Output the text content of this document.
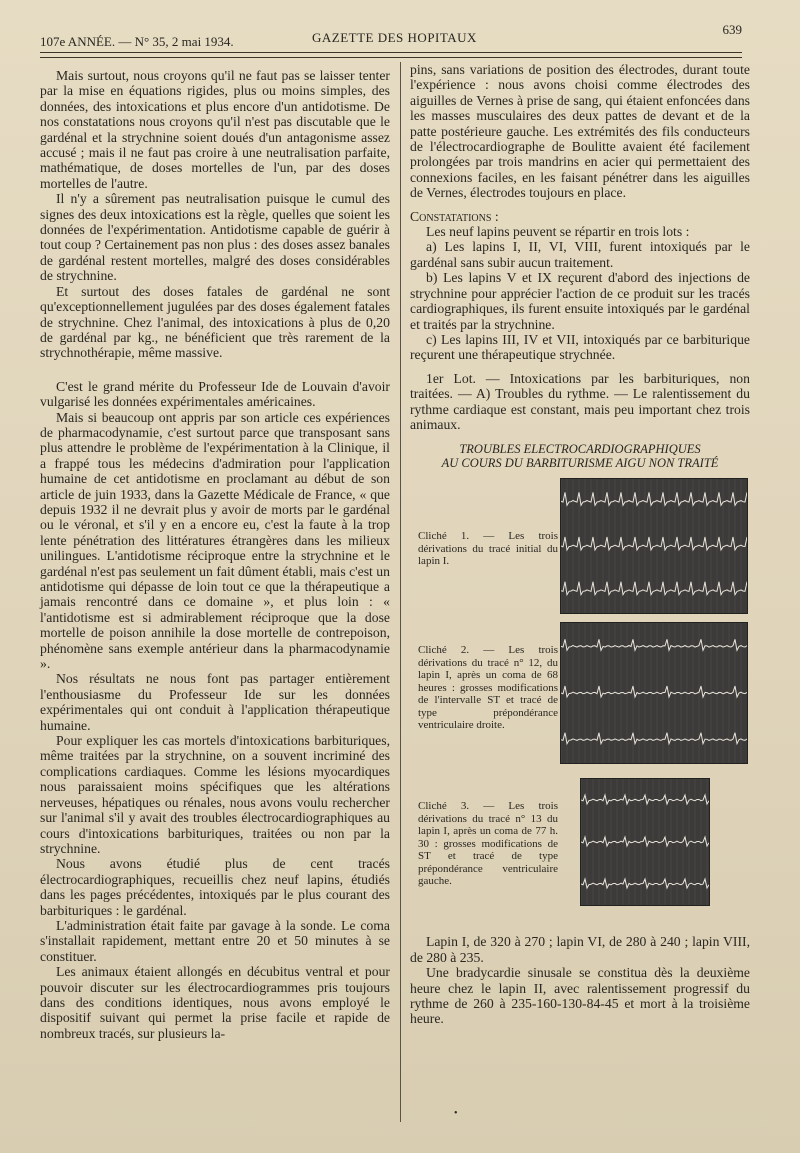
107e ANNÉE. — N° 35, 2 mai 1934.	GAZETTE DES HOPITAUX
639

Mais surtout, nous croyons qu'il ne faut pas se laisser tenter par la mise en équations rigides, plus ou moins simples, des données, des intoxications et plus encore d'un antidotisme. De nos constatations nous croyons qu'il n'est pas discutable que le gardénal et la strychnine soient doués d'un antagonisme assez accusé ; mais il ne faut pas croire à une neutralisation parfaite, mathématique, de doses mortelles de l'un, par des doses mortelles de l'autre.

Il n'y a sûrement pas neutralisation puisque le cumul des signes des deux intoxications est la règle, quelles que soient les données de l'expérimentation. Antidotisme capable de guérir à tout coup ? Certainement pas non plus : des doses assez banales de gardénal restent mortelles, malgré des doses considérables de strychnine.

Et surtout des doses fatales de gardénal ne sont qu'exceptionnellement jugulées par des doses également fatales de strychnine. Chez l'animal, des intoxications à plus de 0,20 de gardénal par kg., ne bénéficient que très rarement de la strychnothérapie, même massive.

C'est le grand mérite du Professeur Ide de Louvain d'avoir vulgarisé les données expérimentales américaines.

Mais si beaucoup ont appris par son article ces expériences de pharmacodynamie, c'est surtout parce que transposant sans plus attendre le problème de l'expérimentation à la Clinique, il a frappé tous les médecins d'admiration pour l'application humaine de cet antidotisme en proclamant au début de son article de juin 1933, dans la Gazette Médicale de France, « que depuis 1932 il ne devrait plus y avoir de morts par le gardénal ou le véronal, et s'il y en a encore eu, c'est la faute à la trop lente pénétration des littératures étrangères dans les milieux unilingues. L'antidotisme réciproque entre la strychnine et le gardénal n'est pas seulement un fait dûment établi, mais c'est un antidotisme qui dépasse de loin tout ce que la thérapeutique a jamais rencontré dans ce domaine », et plus loin : « l'antidotisme est si admirablement réciproque que la dose mortelle de poison annihile la dose mortelle de contrepoison, phénomène sans exemple antérieur dans la pharmacodynamie ».

Nos résultats ne nous font pas partager entièrement l'enthousiasme du Professeur Ide sur les données expérimentales qui ont conduit à l'application thérapeutique humaine.

Pour expliquer les cas mortels d'intoxications barbituriques, même traitées par la strychnine, on a souvent incriminé des complications cardiaques. Comme les lésions myocardiques nous paraissaient moins spécifiques que les altérations nerveuses, hépatiques ou rénales, nous avons voulu rechercher sur l'animal s'il y avait des troubles électrocardiographiques au cours d'intoxications barbituriques, traitées ou non par la strychnine.

Nous avons étudié plus de cent tracés électrocardiographiques, recueillis chez neuf lapins, étudiés dans les pages précédentes, intoxiqués par le plus courant des barbituriques : le gardénal.

L'administration était faite par gavage à la sonde. Le coma s'installait rapidement, mettant entre 20 et 50 minutes à se constituer.

Les animaux étaient allongés en décubitus ventral et pour pouvoir discuter sur les électrocardiogrammes pris toujours dans des conditions identiques, nous avons employé le dispositif suivant qui permet la prise facile et rapide de nombreux tracés, sur plusieurs la-

pins, sans variations de position des électrodes, durant toute l'expérience : nous avons choisi comme électrodes des aiguilles de Vernes à prise de sang, qui étaient enfoncées dans les masses musculaires des deux pattes de devant et de la patte postérieure gauche. Les extrémités des fils conducteurs de l'électrocardiographe de Boulitte avaient été facilement prolongées par trois mandrins en acier qui permettaient des connexions faciles, en les faisant pénétrer dans les aiguilles de Vernes, électrodes toujours en place.

Constatations :

Les neuf lapins peuvent se répartir en trois lots :

a) Les lapins I, II, VI, VIII, furent intoxiqués par le gardénal sans subir aucun traitement.

b) Les lapins V et IX reçurent d'abord des injections de strychnine pour apprécier l'action de ce produit sur les tracés cardiographiques, ils furent ensuite intoxiqués par le gardénal et traités par la strychnine.

c) Les lapins III, IV et VII, intoxiqués par ce barbiturique reçurent une thérapeutique strychnée.

1er Lot. — Intoxications par les barbituriques, non traitées. — A) Troubles du rythme. — Le ralentissement du rythme cardiaque est constant, mais peu important chez trois animaux.

TROUBLES ELECTROCARDIOGRAPHIQUES
AU COURS DU BARBITURISME AIGU NON TRAITÉ
Cliché 1. — Les trois dérivations du tracé initial du lapin I.
Cliché 2. — Les trois dérivations du tracé n° 12, du lapin I, après un coma de 68 heures : grosses modifications de l'intervalle ST et tracé de type prépondérance ventriculaire droite.
Cliché 3. — Les trois dérivations du tracé n° 13 du lapin I, après un coma de 77 h. 30 : grosses modifications de ST et tracé de type prépondérance ventriculaire gauche.

Lapin I, de 320 à 270 ; lapin VI, de 280 à 240 ; lapin VIII, de 280 à 235.

Une bradycardie sinusale se constitua dès la deuxième heure chez le lapin II, avec ralentissement progressif du rythme de 260 à 235-160-130-84-45 et mort à la troisième heure.

•
